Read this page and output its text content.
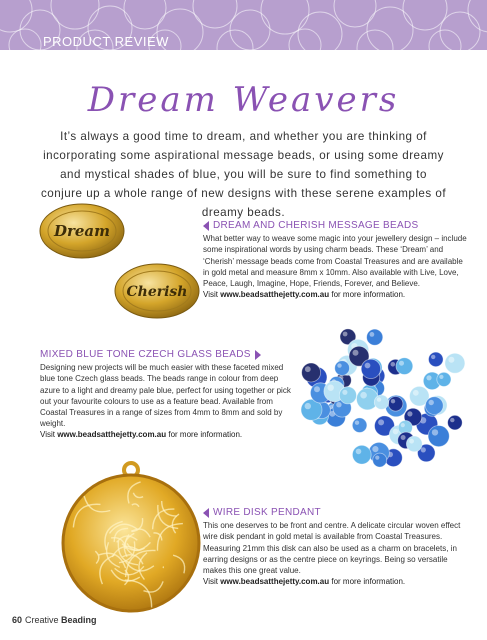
PRODUCT REVIEW
Dream Weavers
It’s always a good time to dream, and whether you are thinking of incorporating some aspirational message beads, or using some dreamy and mystical shades of blue, you will be sure to find something to conjure up a whole range of new designs with these serene examples of dreamy beads.
Dream
Cherish
DREAM AND CHERISH MESSAGE BEADS
What better way to weave some magic into your jewellery design – include some inspirational words by using charm beads. These ‘Dream’ and ‘Cherish’ message beads come from Coastal Treasures and are available in gold metal and measure 8mm x 10mm. Also available with Live, Love, Peace, Laugh, Imagine, Hope, Friends, Forever, and Believe.
Visit www.beadsatthejetty.com.au for more information.
MIXED BLUE TONE CZECH GLASS BEADS
Designing new projects will be much easier with these faceted mixed blue tone Czech glass beads. The beads range in colour from deep azure to a light and dreamy pale blue, perfect for using together or pick out your favourite colours to use as a feature bead. Available from Coastal Treasures in a range of sizes from 4mm to 8mm and sold by weight.
Visit www.beadsatthejetty.com.au for more information.
WIRE DISK PENDANT
This one deserves to be front and centre. A delicate circular woven effect wire disk pendant in gold metal is available from Coastal Treasures. Measuring 21mm this disk can also be used as a charm on bracelets, in earring designs or as the centre piece on keyrings. Being so versatile makes this one great value.
Visit www.beadsatthejetty.com.au for more information.
60 Creative Beading
